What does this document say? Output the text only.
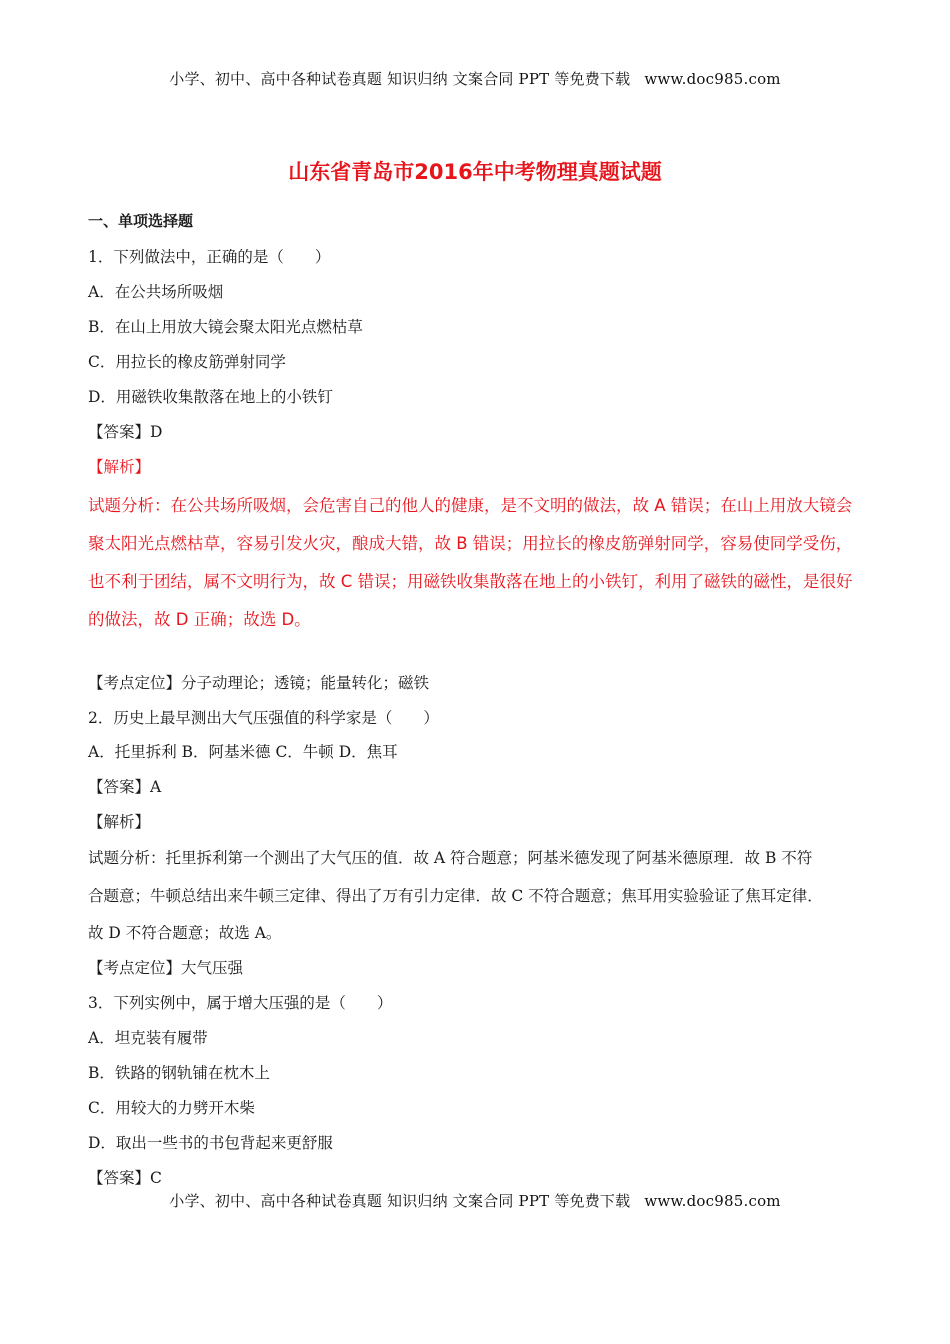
小学、初中、高中各种试卷真题 知识归纳 文案合同 PPT 等免费下载 www.doc985.com
山东省青岛市2016年中考物理真题试题
一、单项选择题
1．下列做法中，正确的是（　　）
A．在公共场所吸烟
B．在山上用放大镜会聚太阳光点燃枯草
C．用拉长的橡皮筋弹射同学
D．用磁铁收集散落在地上的小铁钉
【答案】D
【解析】
试题分析：在公共场所吸烟，会危害自己的他人的健康，是不文明的做法，故 A 错误；在山上用放大镜会
聚太阳光点燃枯草，容易引发火灾，酿成大错，故 B 错误；用拉长的橡皮筋弹射同学，容易使同学受伤，
也不利于团结，属不文明行为，故 C 错误；用磁铁收集散落在地上的小铁钉，利用了磁铁的磁性，是很好
的做法，故 D 正确；故选 D。
【考点定位】分子动理论；透镜；能量转化；磁铁
2．历史上最早测出大气压强值的科学家是（　　）
A．托里拆利 B．阿基米德 C．牛顿 D．焦耳
【答案】A
【解析】
试题分析：托里拆利第一个测出了大气压的值．故 A 符合题意；阿基米德发现了阿基米德原理．故 B 不符
合题意；牛顿总结出来牛顿三定律、得出了万有引力定律．故 C 不符合题意；焦耳用实验验证了焦耳定律．
故 D 不符合题意；故选 A。
【考点定位】大气压强
3．下列实例中，属于增大压强的是（　　）
A．坦克装有履带
B．铁路的钢轨铺在枕木上
C．用较大的力劈开木柴
D．取出一些书的书包背起来更舒服
【答案】C
小学、初中、高中各种试卷真题 知识归纳 文案合同 PPT 等免费下载 www.doc985.com
